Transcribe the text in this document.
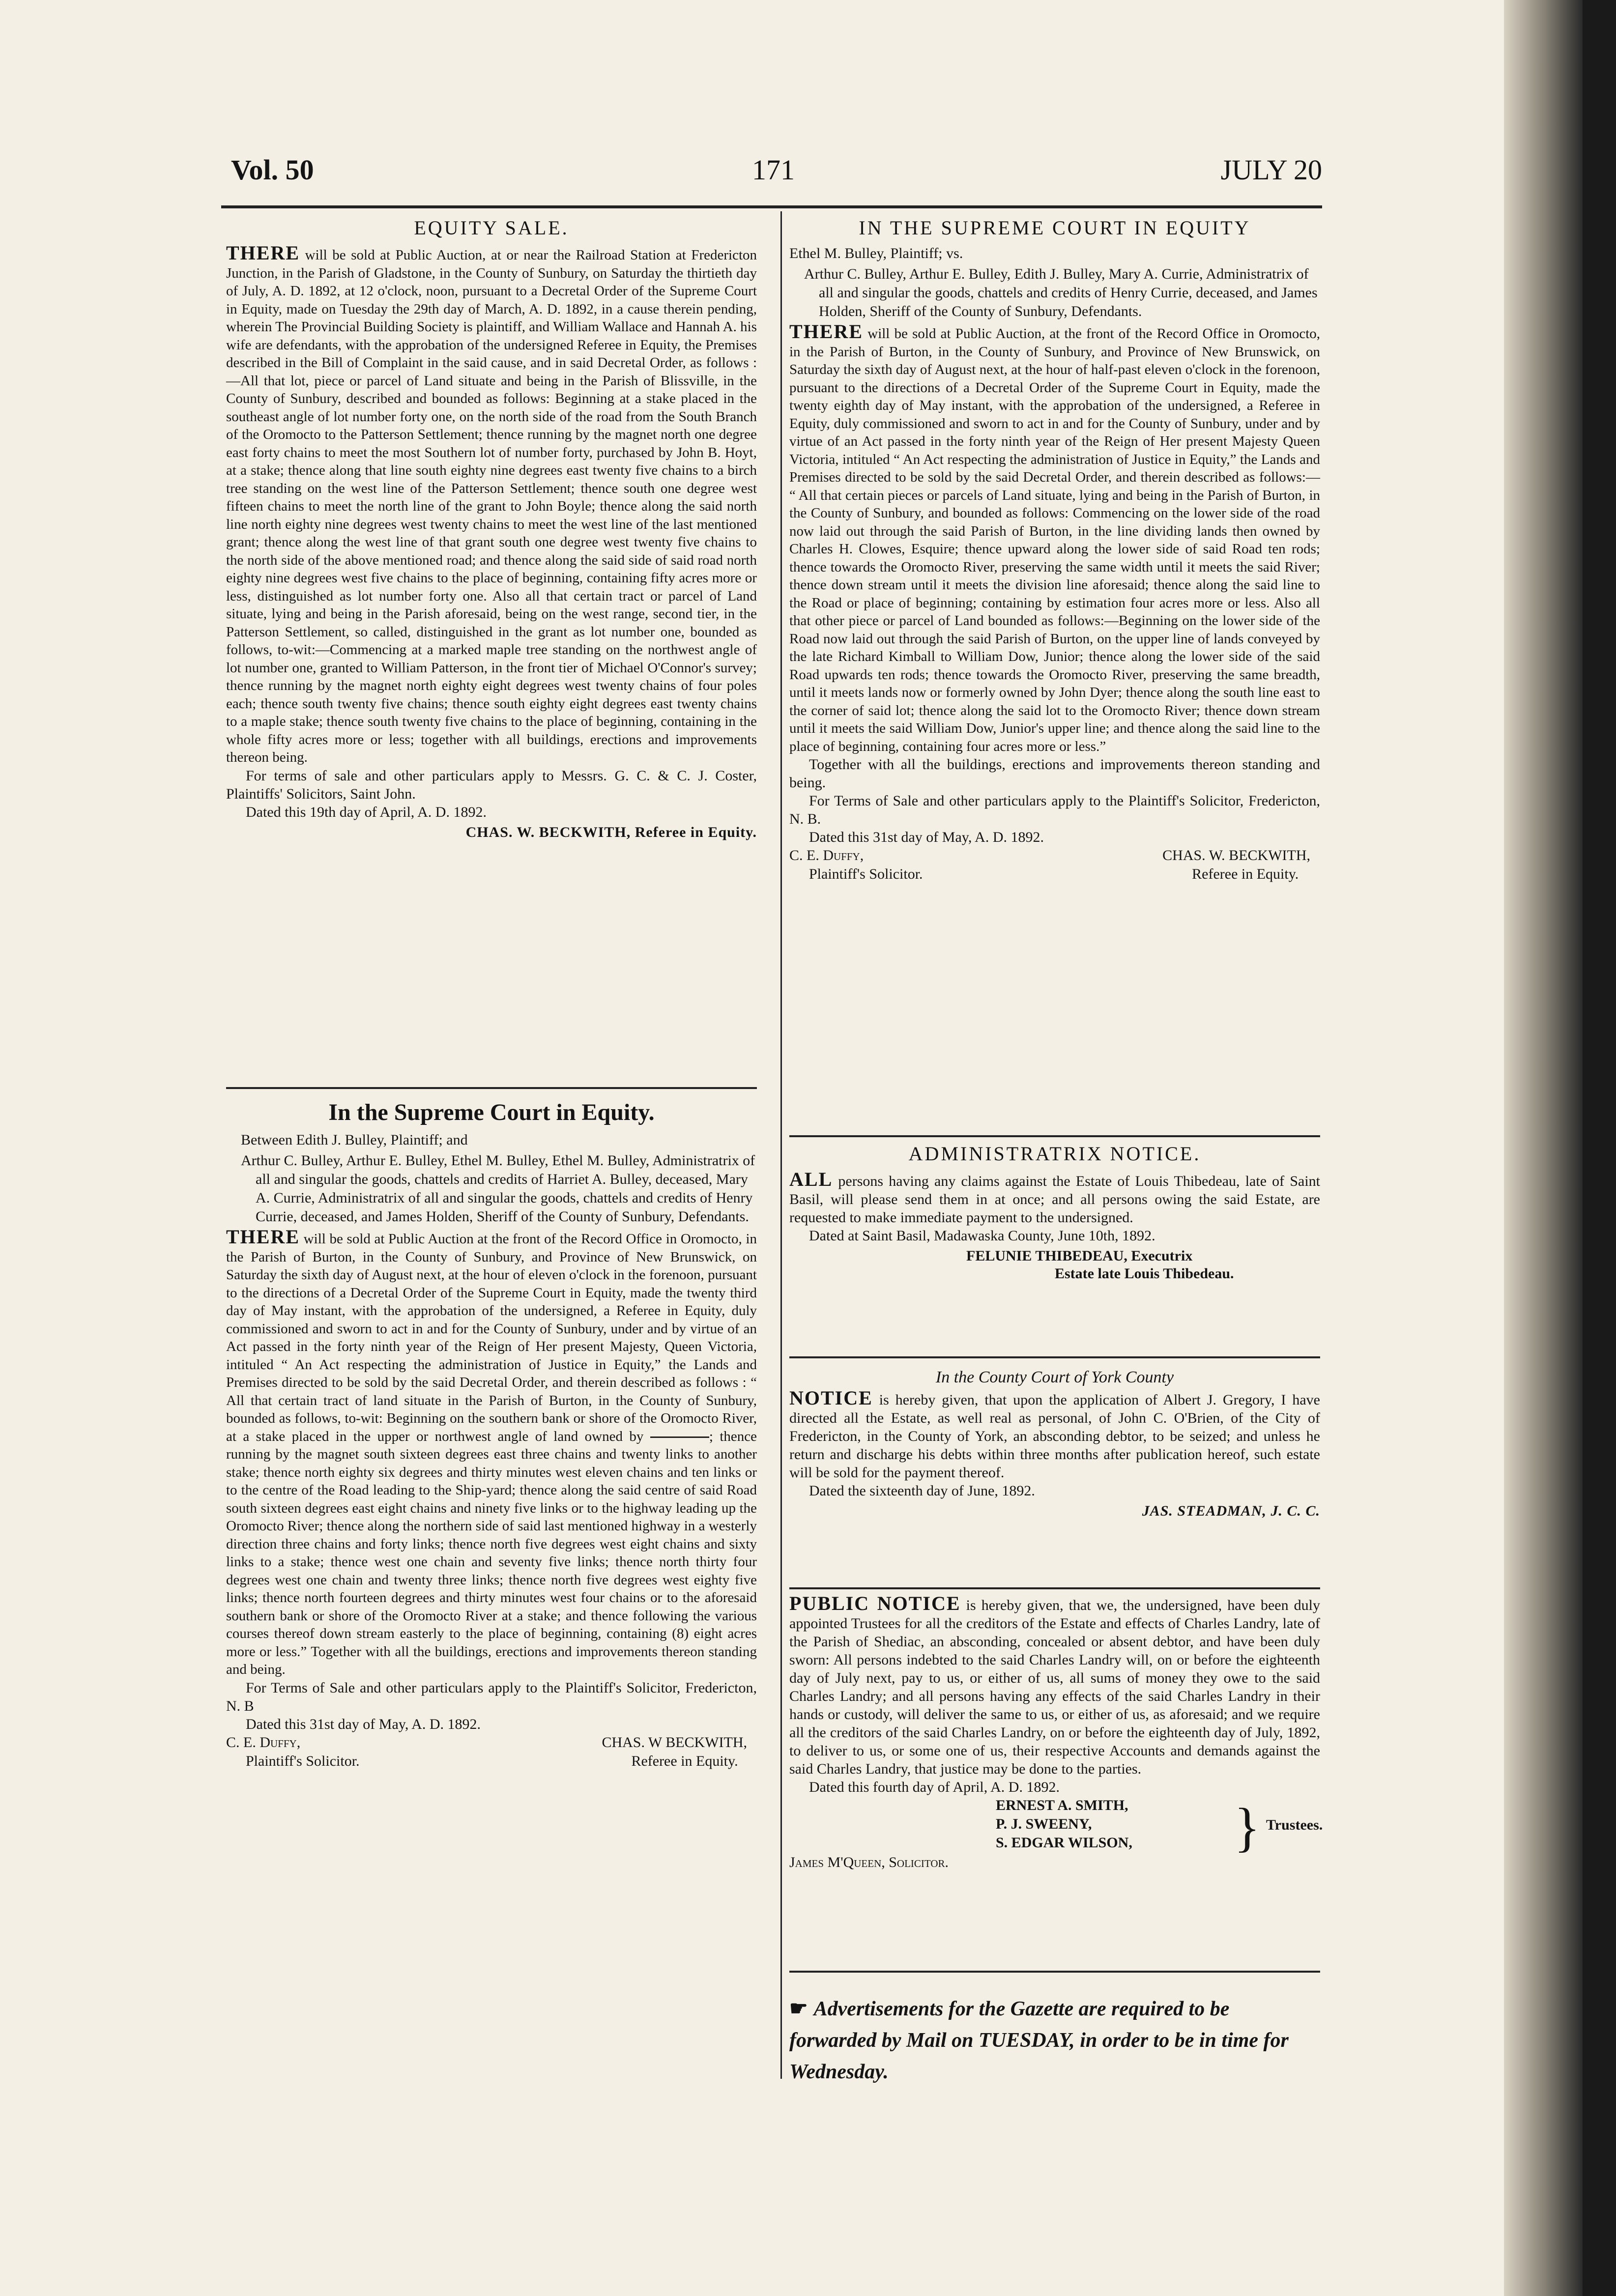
Vol. 50	171	JULY 20
EQUITY SALE.

THERE will be sold at Public Auction, at or near the Railroad Station at Fredericton Junction, in the Parish of Gladstone, in the County of Sunbury, on Saturday the thirtieth day of July, A. D. 1892, at 12 o'clock, noon, pursuant to a Decretal Order of the Supreme Court in Equity, made on Tuesday the 29th day of March, A. D. 1892, in a cause therein pending, wherein The Provincial Building Society is plaintiff, and William Wallace and Hannah A. his wife are defendants, with the approbation of the undersigned Referee in Equity, the Premises described in the Bill of Complaint in the said cause, and in said Decretal Order, as follows :—All that lot, piece or parcel of Land situate and being in the Parish of Blissville, in the County of Sunbury, described and bounded as follows: Beginning at a stake placed in the southeast angle of lot number forty one, on the north side of the road from the South Branch of the Oromocto to the Patterson Settlement; thence running by the magnet north one degree east forty chains to meet the most Southern lot of number forty, purchased by John B. Hoyt, at a stake; thence along that line south eighty nine degrees east twenty five chains to a birch tree standing on the west line of the Patterson Settlement; thence south one degree west fifteen chains to meet the north line of the grant to John Boyle; thence along the said north line north eighty nine degrees west twenty chains to meet the west line of the last mentioned grant; thence along the west line of that grant south one degree west twenty five chains to the north side of the above mentioned road; and thence along the said side of said road north eighty nine degrees west five chains to the place of beginning, containing fifty acres more or less, distinguished as lot number forty one. Also all that certain tract or parcel of Land situate, lying and being in the Parish aforesaid, being on the west range, second tier, in the Patterson Settlement, so called, distinguished in the grant as lot number one, bounded as follows, to-wit:—Commencing at a marked maple tree standing on the northwest angle of lot number one, granted to William Patterson, in the front tier of Michael O'Connor's survey; thence running by the magnet north eighty eight degrees west twenty chains of four poles each; thence south twenty five chains; thence south eighty eight degrees east twenty chains to a maple stake; thence south twenty five chains to the place of beginning, containing in the whole fifty acres more or less; together with all buildings, erections and improvements thereon being.

For terms of sale and other particulars apply to Messrs. G. C. & C. J. Coster, Plaintiffs' Solicitors, Saint John.

Dated this 19th day of April, A. D. 1892.

CHAS. W. BECKWITH, Referee in Equity.
In the Supreme Court in Equity.

Between Edith J. Bulley, Plaintiff; and

Arthur C. Bulley, Arthur E. Bulley, Ethel M. Bulley, Ethel M. Bulley, Administratrix of all and singular the goods, chattels and credits of Harriet A. Bulley, deceased, Mary A. Currie, Administratrix of all and singular the goods, chattels and credits of Henry Currie, deceased, and James Holden, Sheriff of the County of Sunbury, Defendants.

THERE will be sold at Public Auction at the front of the Record Office in Oromocto, in the Parish of Burton, in the County of Sunbury, and Province of New Brunswick, on Saturday the sixth day of August next, at the hour of eleven o'clock in the forenoon, pursuant to the directions of a Decretal Order of the Supreme Court in Equity, made the twenty third day of May instant, with the approbation of the undersigned, a Referee in Equity, duly commissioned and sworn to act in and for the County of Sunbury, under and by virtue of an Act passed in the forty ninth year of the Reign of Her present Majesty, Queen Victoria, intituled “ An Act respecting the administration of Justice in Equity,” the Lands and Premises directed to be sold by the said Decretal Order, and therein described as follows : “ All that certain tract of land situate in the Parish of Burton, in the County of Sunbury, bounded as follows, to-wit: Beginning on the southern bank or shore of the Oromocto River, at a stake placed in the upper or northwest angle of land owned by	; thence running by the magnet south sixteen degrees east three chains and twenty links to another stake; thence north eighty six degrees and thirty minutes west eleven chains and ten links or to the centre of the Road leading to the Ship-yard; thence along the said centre of said Road south sixteen degrees east eight chains and ninety five links or to the highway leading up the Oromocto River; thence along the northern side of said last mentioned highway in a westerly direction three chains and forty links; thence north five degrees west eight chains and sixty links to a stake; thence west one chain and seventy five links; thence north thirty four degrees west one chain and twenty three links; thence north five degrees west eighty five links; thence north fourteen degrees and thirty minutes west four chains or to the aforesaid southern bank or shore of the Oromocto River at a stake; and thence following the various courses thereof down stream easterly to the place of beginning, containing (8) eight acres more or less.” Together with all the buildings, erections and improvements thereon standing and being.

For Terms of Sale and other particulars apply to the Plaintiff's Solicitor, Fredericton, N. B

Dated this 31st day of May, A. D. 1892.

C. E. Duffy,
Plaintiff's Solicitor.
CHAS. W BECKWITH,
Referee in Equity.
IN THE SUPREME COURT IN EQUITY

Ethel M. Bulley, Plaintiff; vs.

Arthur C. Bulley, Arthur E. Bulley, Edith J. Bulley, Mary A. Currie, Administratrix of all and singular the goods, chattels and credits of Henry Currie, deceased, and James Holden, Sheriff of the County of Sunbury, Defendants.

THERE will be sold at Public Auction, at the front of the Record Office in Oromocto, in the Parish of Burton, in the County of Sunbury, and Province of New Brunswick, on Saturday the sixth day of August next, at the hour of half-past eleven o'clock in the forenoon, pursuant to the directions of a Decretal Order of the Supreme Court in Equity, made the twenty eighth day of May instant, with the approbation of the undersigned, a Referee in Equity, duly commissioned and sworn to act in and for the County of Sunbury, under and by virtue of an Act passed in the forty ninth year of the Reign of Her present Majesty Queen Victoria, intituled “ An Act respecting the administration of Justice in Equity,” the Lands and Premises directed to be sold by the said Decretal Order, and therein described as follows:— “ All that certain pieces or parcels of Land situate, lying and being in the Parish of Burton, in the County of Sunbury, and bounded as follows: Commencing on the lower side of the road now laid out through the said Parish of Burton, in the line dividing lands then owned by Charles H. Clowes, Esquire; thence upward along the lower side of said Road ten rods; thence towards the Oromocto River, preserving the same width until it meets the said River; thence down stream until it meets the division line aforesaid; thence along the said line to the Road or place of beginning; containing by estimation four acres more or less. Also all that other piece or parcel of Land bounded as follows:—Beginning on the lower side of the Road now laid out through the said Parish of Burton, on the upper line of lands conveyed by the late Richard Kimball to William Dow, Junior; thence along the lower side of the said Road upwards ten rods; thence towards the Oromocto River, preserving the same breadth, until it meets lands now or formerly owned by John Dyer; thence along the south line east to the corner of said lot; thence along the said lot to the Oromocto River; thence down stream until it meets the said William Dow, Junior's upper line; and thence along the said line to the place of beginning, containing four acres more or less.”

Together with all the buildings, erections and improvements thereon standing and being.

For Terms of Sale and other particulars apply to the Plaintiff's Solicitor, Fredericton, N. B.

Dated this 31st day of May, A. D. 1892.

C. E. Duffy,
Plaintiff's Solicitor.
CHAS. W. BECKWITH,
Referee in Equity.
ADMINISTRATRIX NOTICE.

ALL persons having any claims against the Estate of Louis Thibedeau, late of Saint Basil, will please send them in at once; and all persons owing the said Estate, are requested to make immediate payment to the undersigned.

Dated at Saint Basil, Madawaska County, June 10th, 1892.

FELUNIE THIBEDEAU, Executrix
Estate late Louis Thibedeau.
In the County Court of York County

NOTICE is hereby given, that upon the application of Albert J. Gregory, I have directed all the Estate, as well real as personal, of John C. O'Brien, of the City of Fredericton, in the County of York, an absconding debtor, to be seized; and unless he return and discharge his debts within three months after publication hereof, such estate will be sold for the payment thereof.

Dated the sixteenth day of June, 1892.

JAS. STEADMAN, J. C. C.

PUBLIC NOTICE is hereby given, that we, the undersigned, have been duly appointed Trustees for all the creditors of the Estate and effects of Charles Landry, late of the Parish of Shediac, an absconding, concealed or absent debtor, and have been duly sworn: All persons indebted to the said Charles Landry will, on or before the eighteenth day of July next, pay to us, or either of us, all sums of money they owe to the said Charles Landry; and all persons having any effects of the said Charles Landry in their hands or custody, will deliver the same to us, or either of us, as aforesaid; and we require all the creditors of the said Charles Landry, on or before the eighteenth day of July, 1892, to deliver to us, or some one of us, their respective Accounts and demands against the said Charles Landry, that justice may be done to the parties.

Dated this fourth day of April, A. D. 1892.

ERNEST A. SMITH,
P. J. SWEENY,
S. EDGAR WILSON, } Trustees.
James M'Queen, Solicitor.

☛ Advertisements for the Gazette are required to be forwarded by Mail on TUESDAY, in order to be in time for Wednesday.
